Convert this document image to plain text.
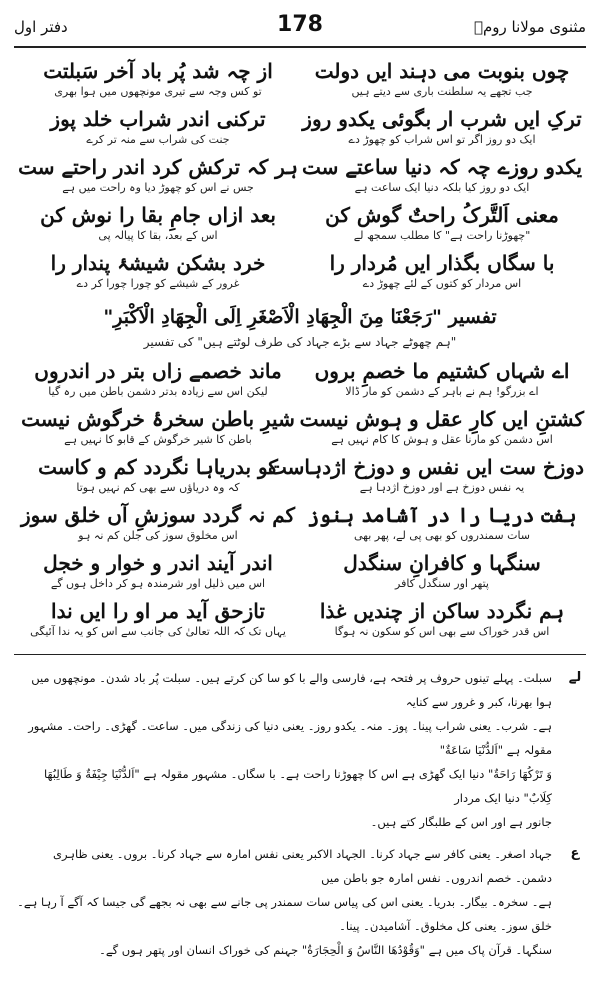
مثنوی مولانا رومؒ
178
دفتر اول
چوں بنوبت می دہند ایں دولت
جب تجھے یہ سلطنت باری سے دیتے ہیں
از چہ شد پُر باد آخر سَبلتت
تو کس وجہ سے تیری مونچھوں میں ہوا بھری
ترکِ ایں شرب ار بگوئی یکدو روز
ایک دو روز اگر تو اس شراب کو چھوڑ دے
ترکنی اندر شراب خلد پوز
جنت کی شراب سے منہ تر کرے
یکدو روزے چہ کہ دنیا ساعتے ست
ایک دو روز کیا بلکہ دنیا ایک ساعت ہے
ہر کہ ترکش کرد اندر راحتے ست
جس نے اس کو چھوڑ دیا وہ راحت میں ہے
معنی اَلتَّرکُ راحتٌ گوش کن
"چھوڑنا راحت ہے" کا مطلب سمجھ لے
بعد ازاں جامِ بقا را نوش کن
اس کے بعد، بقا کا پیالہ پی
با سگاں بگذار ایں مُردار را
اس مردار کو کتوں کے لئے چھوڑ دے
خرد بشکن شیشۂ پندار را
غرور کے شیشے کو چورا چورا کر دے
تفسیر "رَجَعْنَا مِنَ الْجِهَادِ الْاَصْغَرِ اِلَی الْجِهَادِ الْاَكْبَرِ"
"ہم چھوٹے جہاد سے بڑے جہاد کی طرف لوٹتے ہیں" کی تفسیر
اے شہاں کشتیم ما خصمِ بروں
اے بزرگو! ہم نے باہر کے دشمن کو مار ڈالا
ماند خصمے زاں بتر در اندروں
لیکن اس سے زیادہ بدتر دشمن باطن میں رہ گیا
کشتنِ ایں کارِ عقل و ہوش نیست
اس دشمن کو مارنا عقل و ہوش کا کام نہیں ہے
شیرِ باطن سخرۂ خرگوش نیست
باطن کا شیر خرگوش کے قابو کا نہیں ہے
دوزخ ست ایں نفس و دوزخ اژدہاست
یہ نفس دوزخ ہے اور دوزخ اژدہا ہے
کو بدریاہا نگردد کم و کاست
کہ وہ دریاؤں سے بھی کم نہیں ہوتا
ہفت دریا را در آشامد ہنوز
سات سمندروں کو بھی پی لے، پھر بھی
کم نہ گردد سوزشِ آں خلق سوز
اس مخلوق سوز کی جلن کم نہ ہو
سنگہا و کافرانِ سنگدل
پتھر اور سنگدل کافر
اندر آیند اندر و خوار و خجل
اس میں ذلیل اور شرمندہ ہو کر داخل ہوں گے
ہم نگردد ساکن از چندیں غذا
اس قدر خوراک سے بھی اس کو سکون نہ ہوگا
تازحق آید مر او را ایں ندا
یہاں تک کہ اللہ تعالیٰ کی جانب سے اس کو یہ ندا آئیگی
لے
سبلت۔ پہلے تینوں حروف پر فتحہ ہے، فارسی والے با کو سا کن کرتے ہیں۔ سبلت پُر باد شدن۔ مونچھوں میں ہوا بھرنا، کبر و غرور سے کنایہ
ہے۔ شرب۔ یعنی شراب پینا۔ پوز۔ منہ۔ یکدو روز۔ یعنی دنیا کی زندگی میں۔ ساعت۔ گھڑی۔ راحت۔ مشہور مقولہ ہے "اَلدُّنْیَا سَاعَةٌ"
وَ تَرْكُهَا رَاحَةٌ" دنیا ایک گھڑی ہے اس کا چھوڑنا راحت ہے۔ با سگاں۔ مشہور مقولہ ہے "اَلدُّنْیَا جِیْفَةٌ وَ طَالِبُهَا كِلَابٌ" دنیا ایک مردار
جانور ہے اور اس کے طلبگار کتے ہیں۔
ع
جہاد اصغر۔ یعنی کافر سے جہاد کرنا۔ الجہاد الاکبر یعنی نفس امارہ سے جہاد کرنا۔ بروں۔ یعنی ظاہری دشمن۔ خصم اندروں۔ نفس امارہ جو باطن میں
ہے۔ سخرہ۔ بیگار۔ بدریا۔ یعنی اس کی پیاس سات سمندر پی جانے سے بھی نہ بجھے گی جیسا کہ آگے آ رہا ہے۔ خلق سوز۔ یعنی کل مخلوق۔ آشامیدن۔ پینا۔
سنگہا۔ قرآن پاک میں ہے "وَقُوْدُهَا النَّاسُ وَ الْحِجَارَةُ" جہنم کی خوراک انسان اور پتھر ہوں گے۔
